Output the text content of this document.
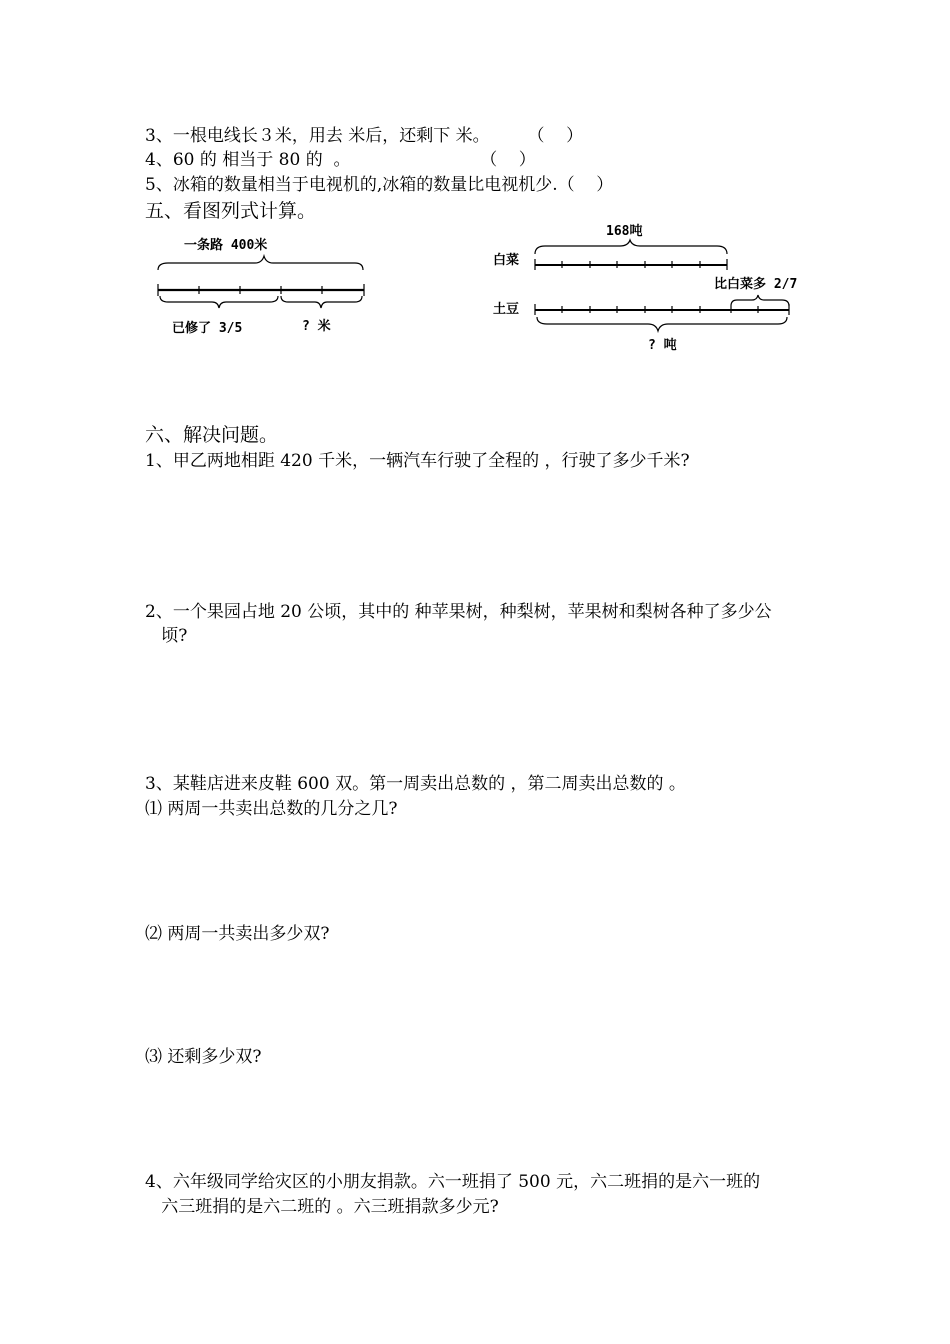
3、一根电线长３米，用去 米后，还剩下 米。       （    ）
4、60 的 相当于 80 的  。                        （    ）
5、冰箱的数量相当于电视机的,冰箱的数量比电视机少.（    ）
五、看图列式计算。
一条路 400米
已修了 3/5	? 米
168吨
白菜
土豆
比白菜多 2/7
? 吨
六、解决问题。
1、甲乙两地相距 420 千米，一辆汽车行驶了全程的 ，行驶了多少千米?
2、一个果园占地 20 公顷，其中的 种苹果树，种梨树，苹果树和梨树各种了多少公
顷?
3、某鞋店进来皮鞋 600 双。第一周卖出总数的 ，第二周卖出总数的 。
⑴ 两周一共卖出总数的几分之几?
⑵ 两周一共卖出多少双?
⑶ 还剩多少双?
4、六年级同学给灾区的小朋友捐款。六一班捐了 500 元，六二班捐的是六一班的
六三班捐的是六二班的 。六三班捐款多少元?
